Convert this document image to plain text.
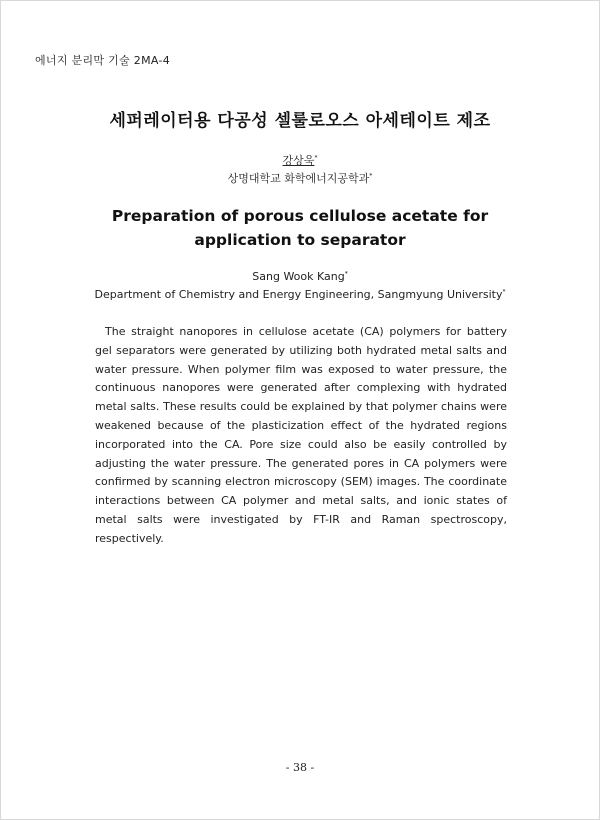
에너지 분리막 기술 2MA-4
세퍼레이터용 다공성 셀룰로오스 아세테이트 제조
강상욱*
상명대학교 화학에너지공학과*
Preparation of porous cellulose acetate for
application to separator
Sang Wook Kang*
Department of Chemistry and Energy Engineering, Sangmyung University*

The straight nanopores in cellulose acetate (CA) polymers for battery gel separators were generated by utilizing both hydrated metal salts and water pressure. When polymer film was exposed to water pressure, the continuous nanopores were generated after complexing with hydrated metal salts. These results could be explained by that polymer chains were weakened because of the plasticization effect of the hydrated regions incorporated into the CA. Pore size could also be easily controlled by adjusting the water pressure. The generated pores in CA polymers were confirmed by scanning electron microscopy (SEM) images. The coordinate interactions between CA polymer and metal salts, and ionic states of metal salts were investigated by FT-IR and Raman spectroscopy, respectively.

- 38 -
